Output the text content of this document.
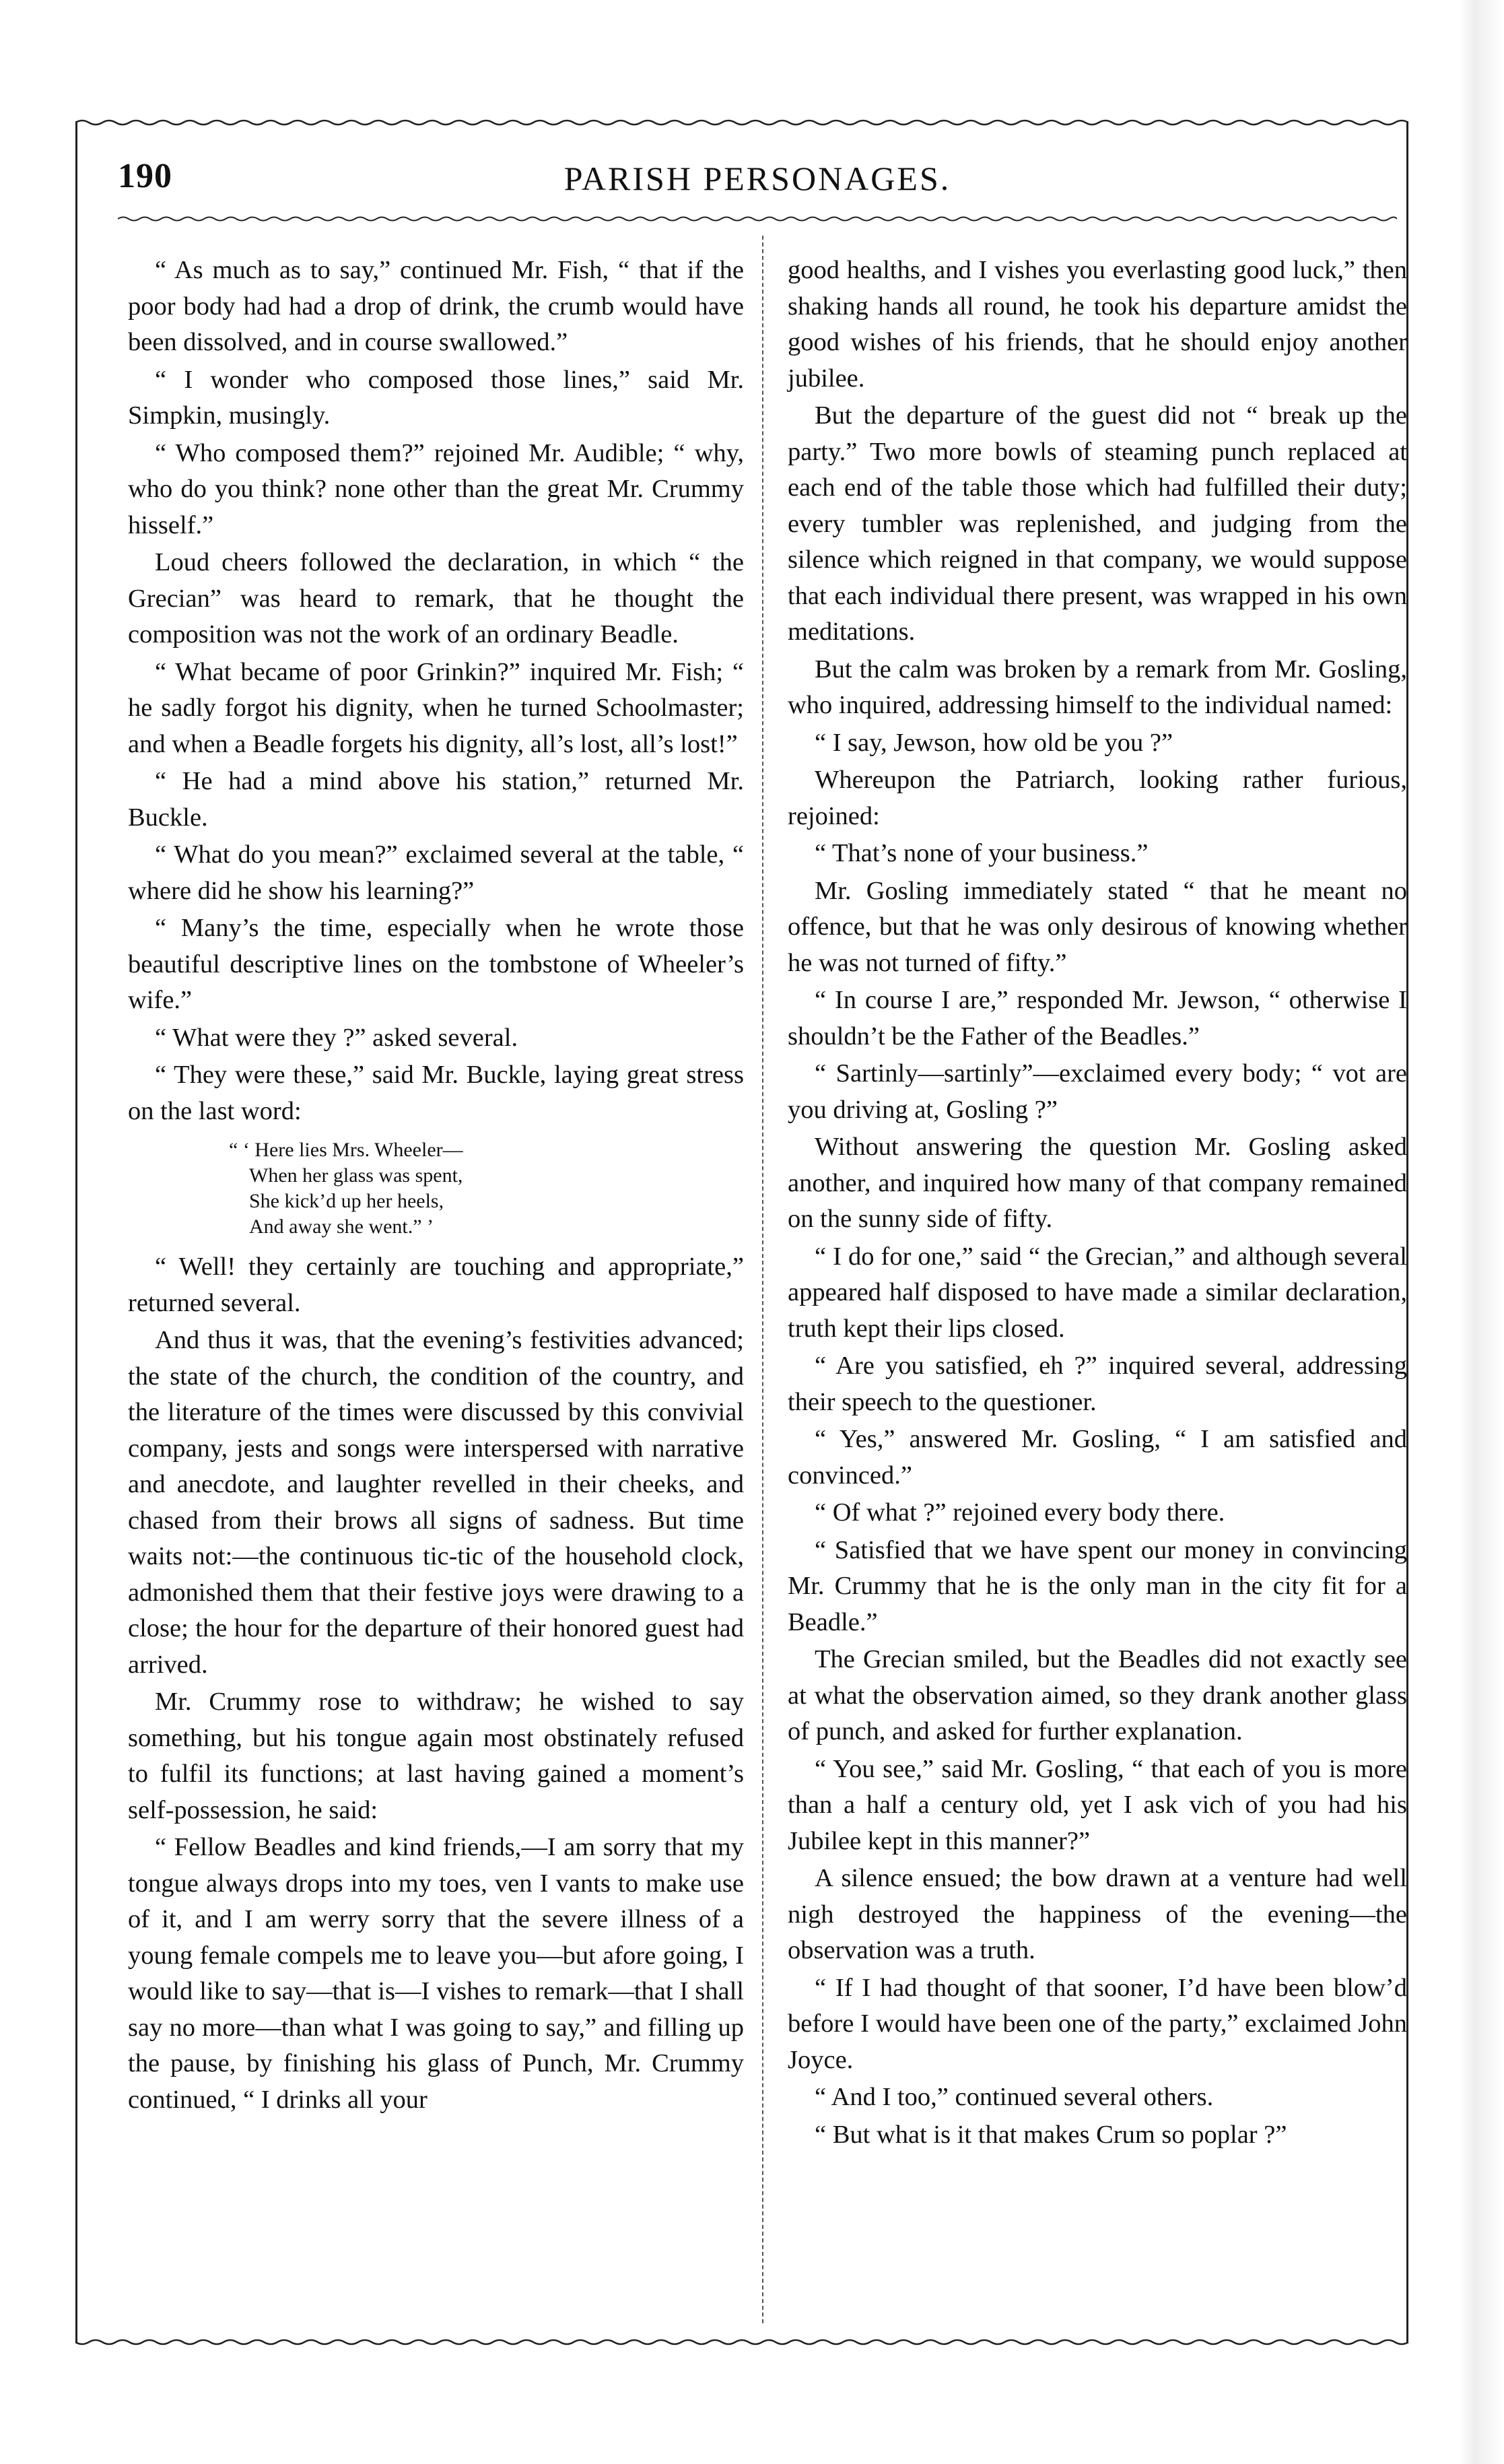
190	PARISH PERSONAGES.

“ As much as to say,” continued Mr. Fish, “ that if the poor body had had a drop of drink, the crumb would have been dissolved, and in course swallowed.”

“ I wonder who composed those lines,” said Mr. Simpkin, musingly.

“ Who composed them?” rejoined Mr. Audible; “ why, who do you think? none other than the great Mr. Crummy hisself.”

Loud cheers followed the declaration, in which “ the Grecian” was heard to remark, that he thought the composition was not the work of an ordinary Beadle.

“ What became of poor Grinkin?” inquired Mr. Fish; “ he sadly forgot his dignity, when he turned Schoolmaster; and when a Beadle forgets his dignity, all’s lost, all’s lost!”

“ He had a mind above his station,” returned Mr. Buckle.

“ What do you mean?” exclaimed several at the table, “ where did he show his learning?”

“ Many’s the time, especially when he wrote those beautiful descriptive lines on the tombstone of Wheeler’s wife.”

“ What were they ?” asked several.

“ They were these,” said Mr. Buckle, laying great stress on the last word:

“ ‘ Here lies Mrs. Wheeler—
When her glass was spent,
She kick’d up her heels,
And away she went.” ’

“ Well! they certainly are touching and appropriate,” returned several.

And thus it was, that the evening’s festivities advanced; the state of the church, the condition of the country, and the literature of the times were discussed by this convivial company, jests and songs were interspersed with narrative and anecdote, and laughter revelled in their cheeks, and chased from their brows all signs of sadness. But time waits not:—the continuous tic-tic of the household clock, admonished them that their festive joys were drawing to a close; the hour for the departure of their honored guest had arrived.

Mr. Crummy rose to withdraw; he wished to say something, but his tongue again most obstinately refused to fulfil its functions; at last having gained a moment’s self-possession, he said:

“ Fellow Beadles and kind friends,—I am sorry that my tongue always drops into my toes, ven I vants to make use of it, and I am werry sorry that the severe illness of a young female compels me to leave you—but afore going, I would like to say—that is—I vishes to remark—that I shall say no more—than what I was going to say,” and filling up the pause, by finishing his glass of Punch, Mr. Crummy continued, “ I drinks all your

good healths, and I vishes you everlasting good luck,” then shaking hands all round, he took his departure amidst the good wishes of his friends, that he should enjoy another jubilee.

But the departure of the guest did not “ break up the party.” Two more bowls of steaming punch replaced at each end of the table those which had fulfilled their duty; every tumbler was replenished, and judging from the silence which reigned in that company, we would suppose that each individual there present, was wrapped in his own meditations.

But the calm was broken by a remark from Mr. Gosling, who inquired, addressing himself to the individual named:

“ I say, Jewson, how old be you ?”

Whereupon the Patriarch, looking rather furious, rejoined:

“ That’s none of your business.”

Mr. Gosling immediately stated “ that he meant no offence, but that he was only desirous of knowing whether he was not turned of fifty.”

“ In course I are,” responded Mr. Jewson, “ otherwise I shouldn’t be the Father of the Beadles.”

“ Sartinly—sartinly”—exclaimed every body; “ vot are you driving at, Gosling ?”

Without answering the question Mr. Gosling asked another, and inquired how many of that company remained on the sunny side of fifty.

“ I do for one,” said “ the Grecian,” and although several appeared half disposed to have made a similar declaration, truth kept their lips closed.

“ Are you satisfied, eh ?” inquired several, addressing their speech to the questioner.

“ Yes,” answered Mr. Gosling, “ I am satisfied and convinced.”

“ Of what ?” rejoined every body there.

“ Satisfied that we have spent our money in convincing Mr. Crummy that he is the only man in the city fit for a Beadle.”

The Grecian smiled, but the Beadles did not exactly see at what the observation aimed, so they drank another glass of punch, and asked for further explanation.

“ You see,” said Mr. Gosling, “ that each of you is more than a half a century old, yet I ask vich of you had his Jubilee kept in this manner?”

A silence ensued; the bow drawn at a venture had well nigh destroyed the happiness of the evening—the observation was a truth.

“ If I had thought of that sooner, I’d have been blow’d before I would have been one of the party,” exclaimed John Joyce.

“ And I too,” continued several others.

“ But what is it that makes Crum so poplar ?”
